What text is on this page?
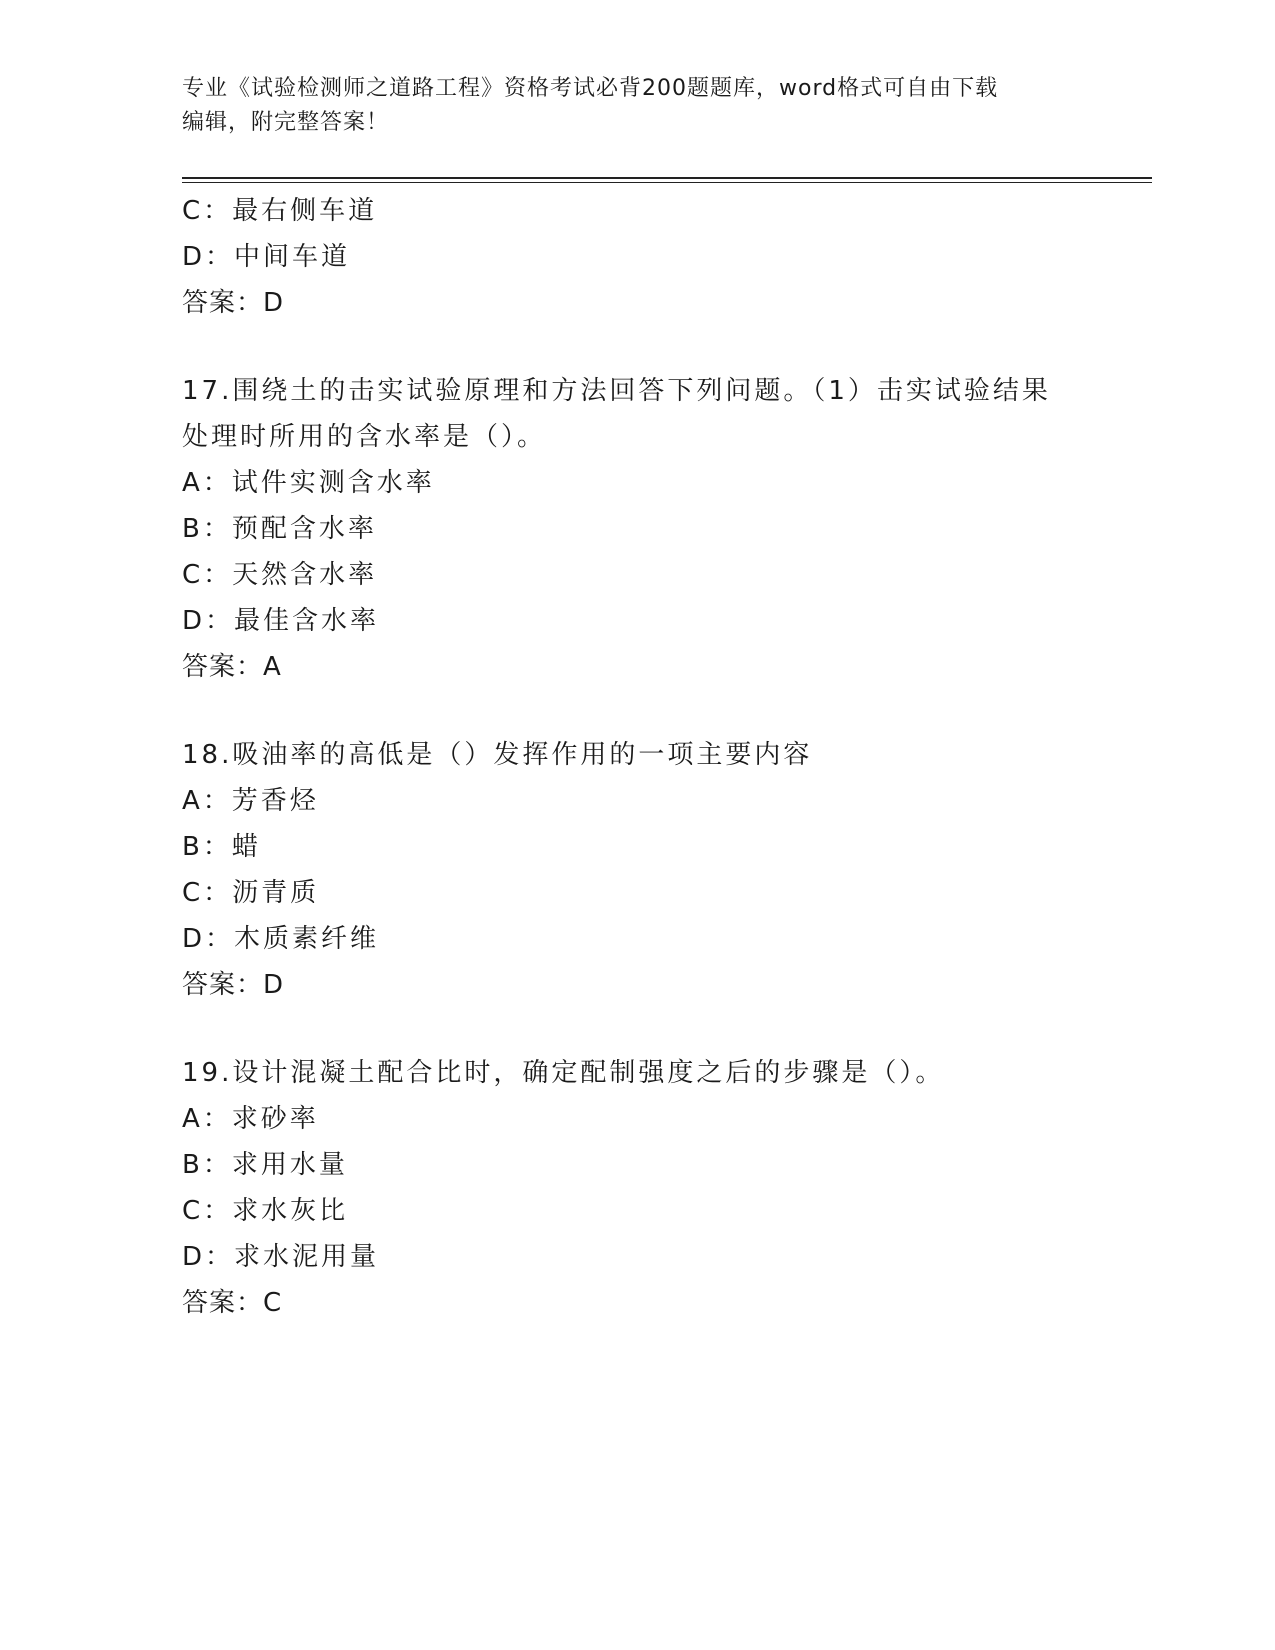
专业《试验检测师之道路工程》资格考试必背200题题库，word格式可自由下载
编辑，附完整答案！
C：最右侧车道
D：中间车道
答案：D
17.围绕土的击实试验原理和方法回答下列问题。（1）击实试验结果
处理时所用的含水率是（）。
A：试件实测含水率
B：预配含水率
C：天然含水率
D：最佳含水率
答案：A
18.吸油率的高低是（）发挥作用的一项主要内容
A：芳香烃
B：蜡
C：沥青质
D：木质素纤维
答案：D
19.设计混凝土配合比时，确定配制强度之后的步骤是（）。
A：求砂率
B：求用水量
C：求水灰比
D：求水泥用量
答案：C
